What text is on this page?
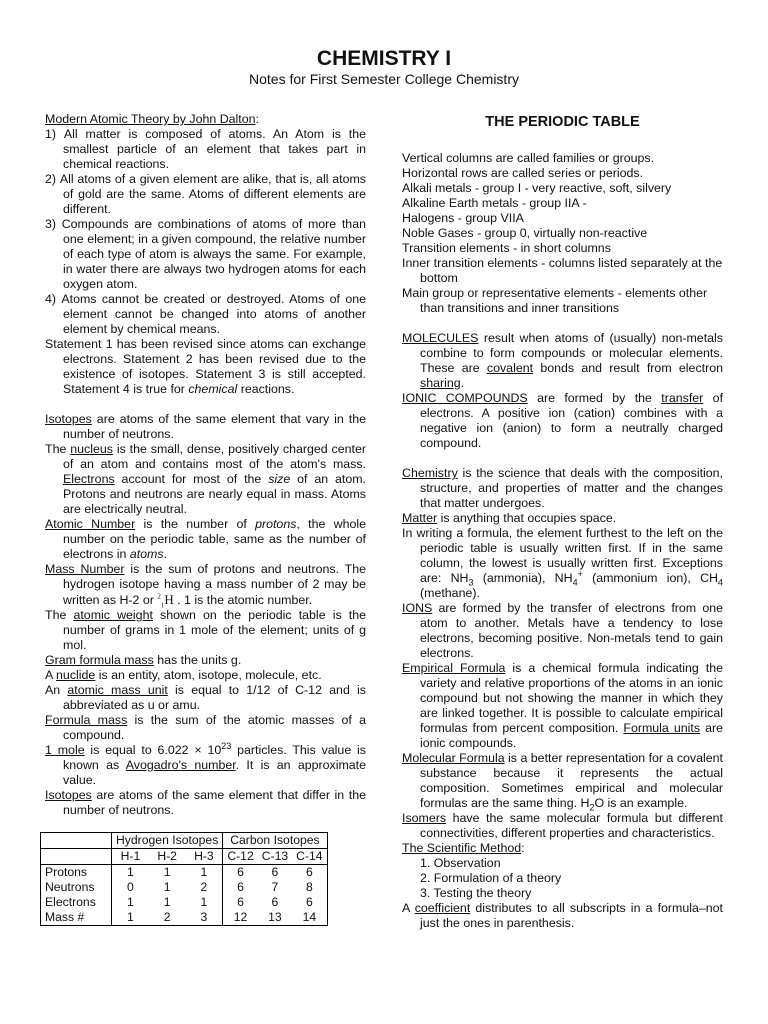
CHEMISTRY I
Notes for First Semester College Chemistry

Modern Atomic Theory by John Dalton:

1) All matter is composed of atoms. An Atom is the smallest particle of an element that takes part in chemical reactions.

2) All atoms of a given element are alike, that is, all atoms of gold are the same. Atoms of different elements are different.

3) Compounds are combinations of atoms of more than one element; in a given compound, the relative number of each type of atom is always the same. For example, in water there are always two hydrogen atoms for each oxygen atom.

4) Atoms cannot be created or destroyed. Atoms of one element cannot be changed into atoms of another element by chemical means.

Statement 1 has been revised since atoms can exchange electrons. Statement 2 has been revised due to the existence of isotopes. Statement 3 is still accepted. Statement 4 is true for chemical reactions.

Isotopes are atoms of the same element that vary in the number of neutrons.

The nucleus is the small, dense, positively charged center of an atom and contains most of the atom's mass. Electrons account for most of the size of an atom. Protons and neutrons are nearly equal in mass. Atoms are electrically neutral.

Atomic Number is the number of protons, the whole number on the periodic table, same as the number of electrons in atoms.

Mass Number is the sum of protons and neutrons. The hydrogen isotope having a mass number of 2 may be written as H-2 or $^2_1$H . 1 is the atomic number.

The atomic weight shown on the periodic table is the number of grams in 1 mole of the element; units of g mol.

Gram formula mass has the units g.

A nuclide is an entity, atom, isotope, molecule, etc.

An atomic mass unit is equal to 1/12 of C-12 and is abbreviated as u or amu.

Formula mass is the sum of the atomic masses of a compound.

1 mole is equal to $6.022 \times 10^{23}$ particles. This value is known as Avogadro's number. It is an approximate value.

Isotopes are atoms of the same element that differ in the number of neutrons.

	Hydrogen Isotopes			Carbon Isotopes		
	H-1	H-2	H-3	C-12	C-13	C-14
Protons	1	1	1	6	6	6
Neutrons	0	1	2	6	7	8
Electrons	1	1	1	6	6	6
Mass #	1	2	3	12	13	14

THE PERIODIC TABLE

Vertical columns are called families or groups.

Horizontal rows are called series or periods.

Alkali metals - group I - very reactive, soft, silvery

Alkaline Earth metals - group IIA -

Halogens - group VIIA

Noble Gases - group 0, virtually non-reactive

Transition elements - in short columns

Inner transition elements - columns listed separately at the bottom

Main group or representative elements - elements other than transitions and inner transitions

MOLECULES result when atoms of (usually) non-metals combine to form compounds or molecular elements. These are covalent bonds and result from electron sharing.

IONIC COMPOUNDS are formed by the transfer of electrons. A positive ion (cation) combines with a negative ion (anion) to form a neutrally charged compound.

Chemistry is the science that deals with the composition, structure, and properties of matter and the changes that matter undergoes.

Matter is anything that occupies space.

In writing a formula, the element furthest to the left on the periodic table is usually written first. If in the same column, the lowest is usually written first. Exceptions are: $NH_3$ (ammonia), $NH_4^+$ (ammonium ion), $CH_4$ (methane).

IONS are formed by the transfer of electrons from one atom to another. Metals have a tendency to lose electrons, becoming positive. Non-metals tend to gain electrons.

Empirical Formula is a chemical formula indicating the variety and relative proportions of the atoms in an ionic compound but not showing the manner in which they are linked together. It is possible to calculate empirical formulas from percent composition. Formula units are ionic compounds.

Molecular Formula is a better representation for a covalent substance because it represents the actual composition. Sometimes empirical and molecular formulas are the same thing. $H_2O$ is an example.

Isomers have the same molecular formula but different connectivities, different properties and characteristics.

The Scientific Method:

1. Observation

2. Formulation of a theory

3. Testing the theory

A coefficient distributes to all subscripts in a formula–not just the ones in parenthesis.
